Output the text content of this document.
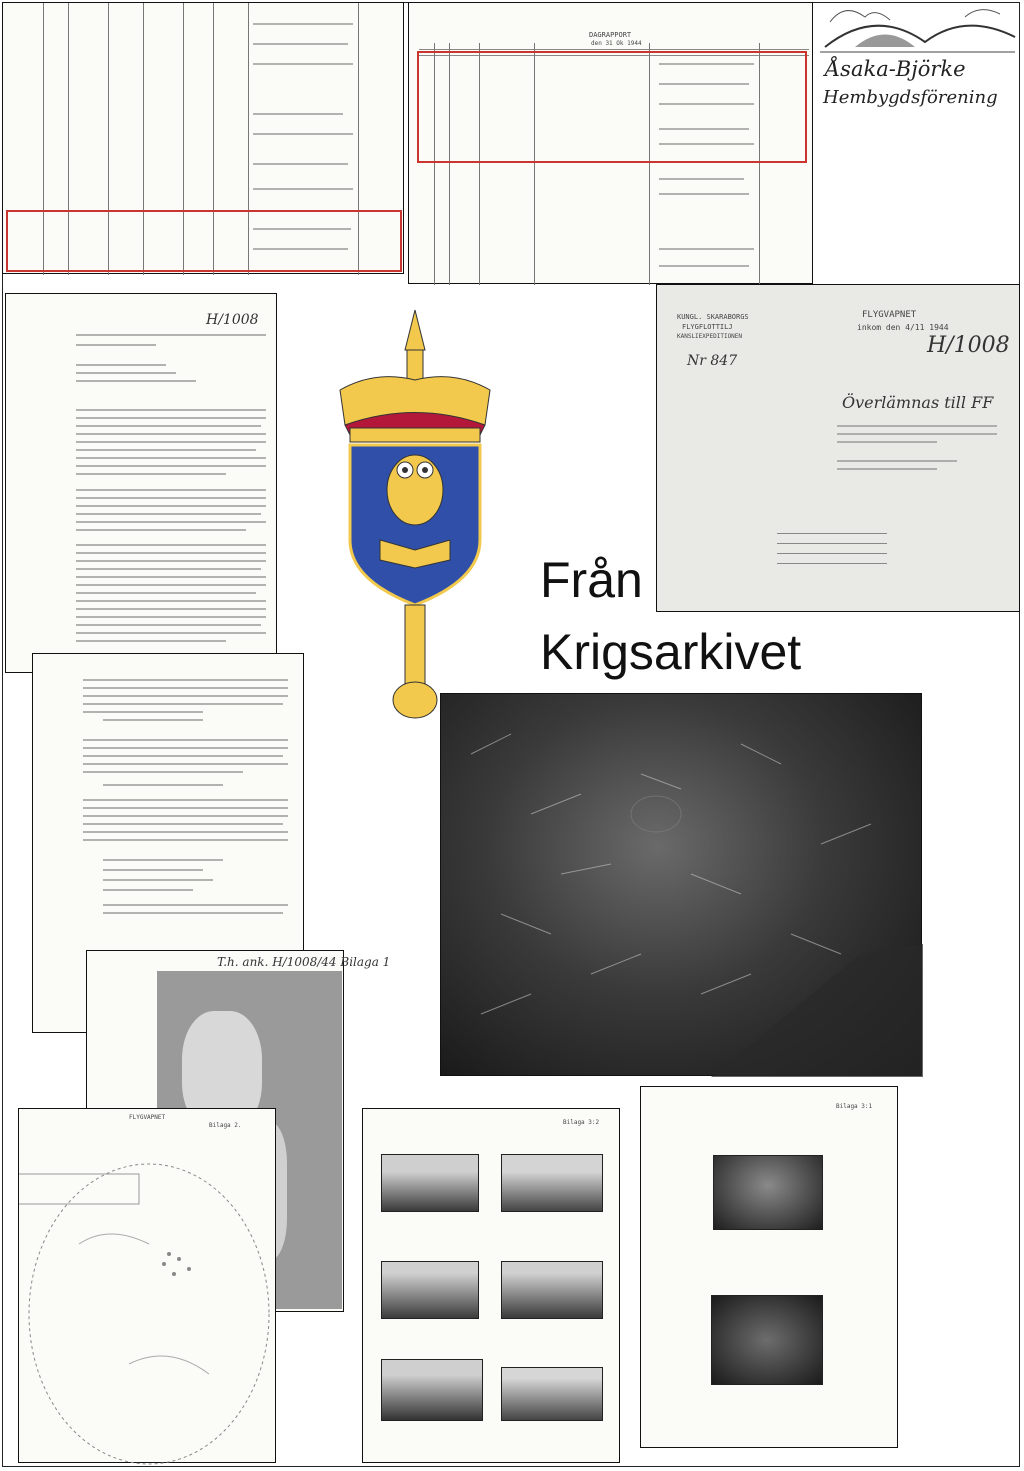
DAGRAPPORT
den 31 Ok 1944
Åsaka-Björke
Hembygdsförening
H/1008	FLYGVAPNET
inkom den 4/11 1944
H/1008
KUNGL. SKARABORGS
FLYGFLOTTILJ
KANSLIEXPEDITIONEN
Nr 847
Överlämnas till FF
Från
Krigsarkivet
T.h. ank. H/1008/44 Bilaga 1
FLYGVAPNET
Bilaga 2.	Bilaga 3:2
Bilaga 3:1
